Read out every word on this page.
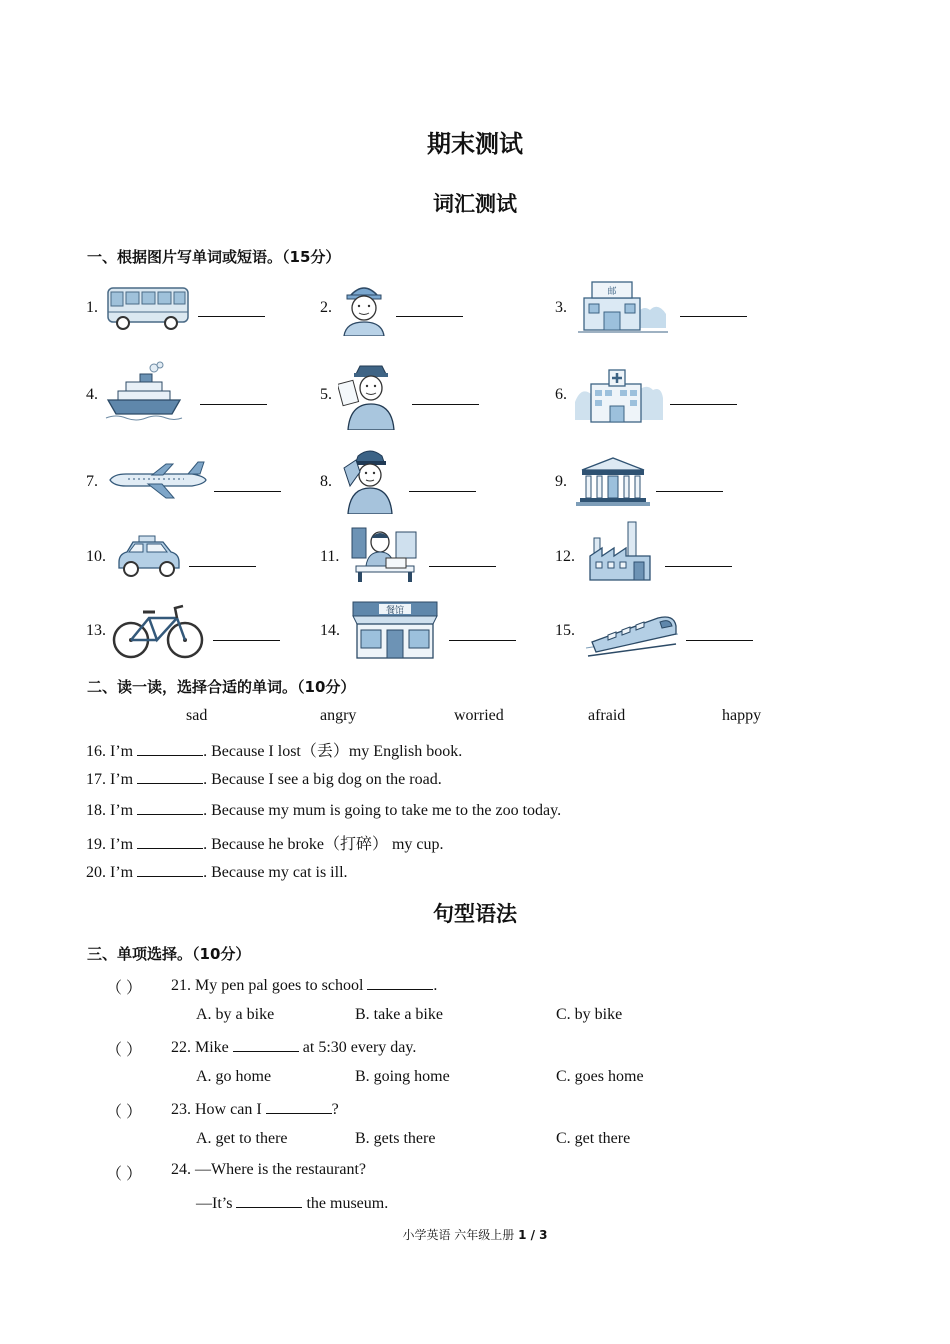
期末测试
词汇测试
一、根据图片写单词或短语。（15分）
1.	2.	3.
4.	5.	6.
7.	8.	9.
10.	11.	12.
13.	14.	15.
邮
餐馆
二、读一读，选择合适的单词。（10分）
sad	angry	worried	afraid	happy
16. I’m	. Because I lost（丢）my English book.
17. I’m	. Because I see a big dog on the road.
18. I’m	. Because my mum is going to take me to the zoo today.
19. I’m	. Because he broke（打碎） my cup.
20. I’m	. Because my cat is ill.
句型语法
三、单项选择。（10分）
（ ） 21. My pen pal goes to school	.
A. by a bike	B. take a bike	C. by bike
（ ） 22. Mike	at 5:30 every day.
A. go home	B. going home	C. goes home
（ ） 23. How can I	?
A. get to there	B. gets there	C. get there
（ ） 24. —Where is the restaurant?
—It’s	the museum.
小学英语 六年级上册 1 / 3
